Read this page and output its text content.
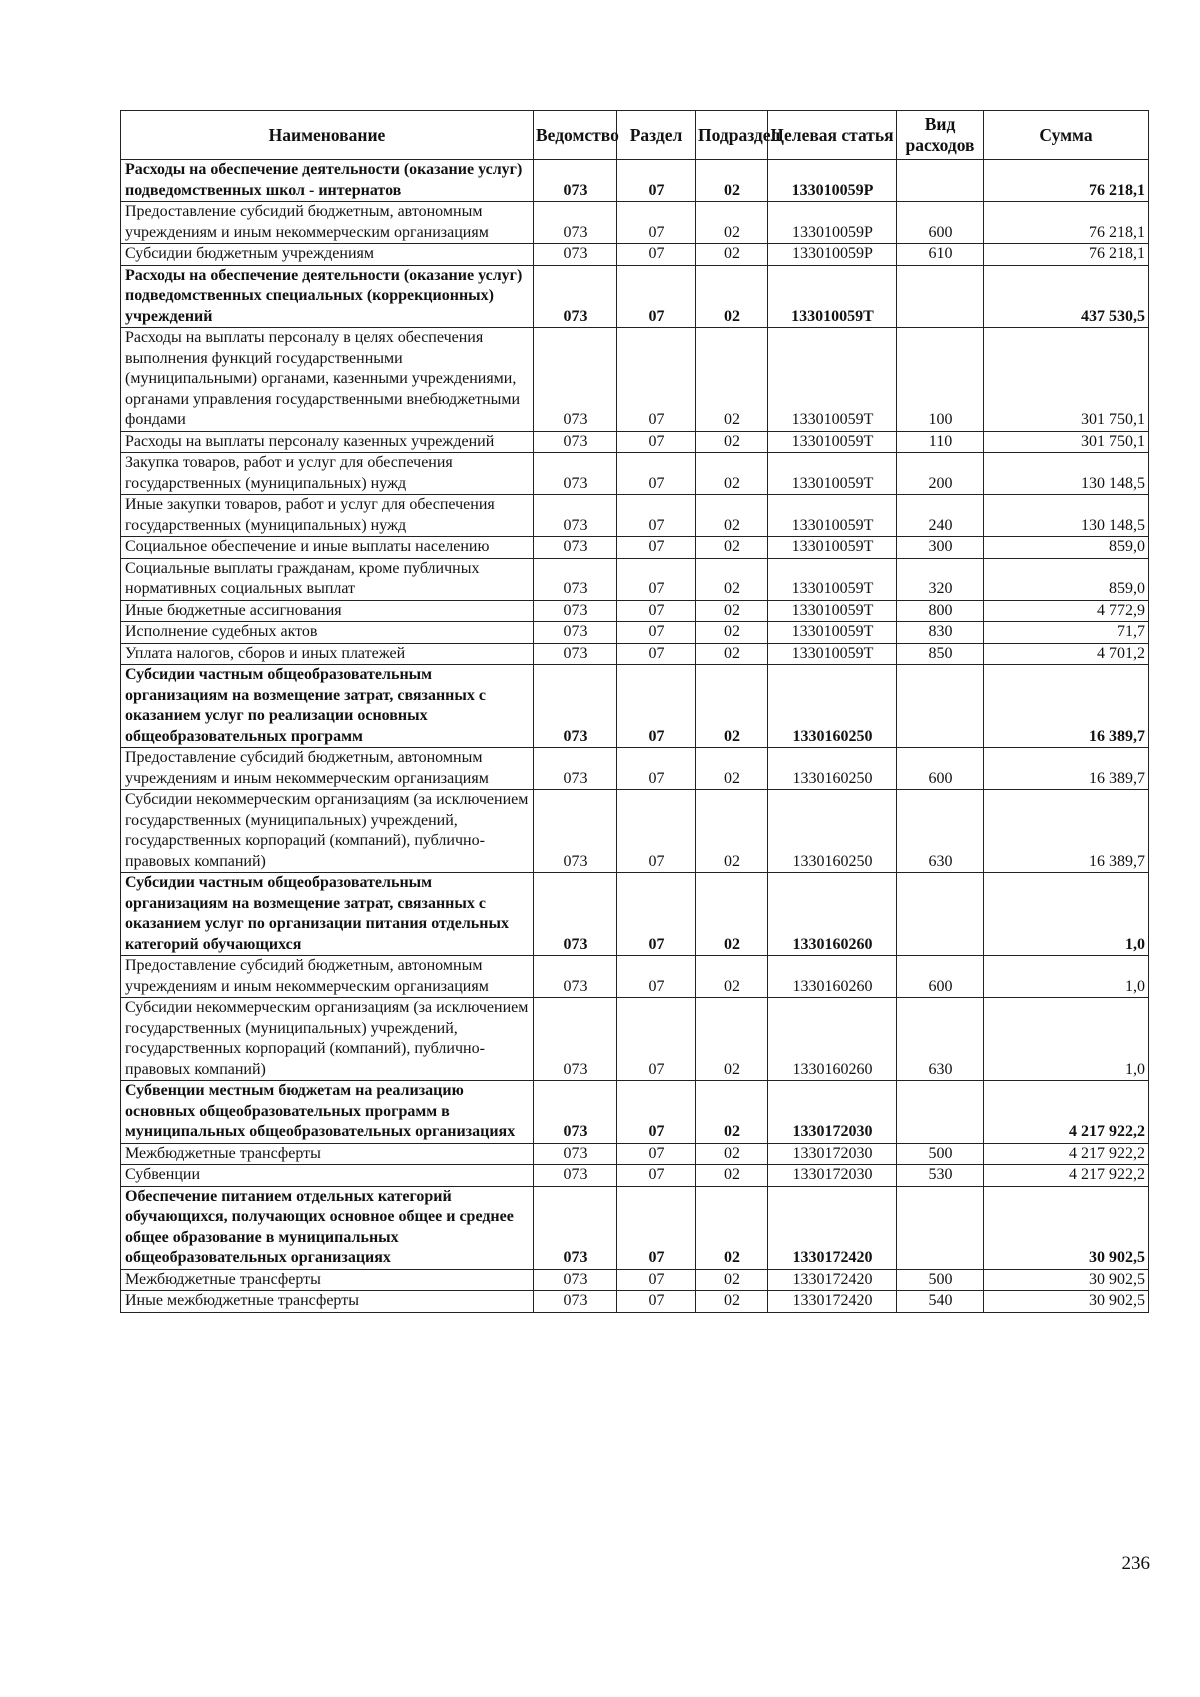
Наименование	Ведомство	Раздел	Подраздел	Целевая статья	Вид расходов	Сумма
Расходы на обеспечение деятельности (оказание услуг) подведомственных школ - интернатов	073	07	02	133010059Р		76 218,1
Предоставление субсидий бюджетным, автономным учреждениям и иным некоммерческим организациям	073	07	02	133010059Р	600	76 218,1
Субсидии бюджетным учреждениям	073	07	02	133010059Р	610	76 218,1
Расходы на обеспечение деятельности (оказание услуг) подведомственных специальных (коррекционных) учреждений	073	07	02	133010059Т		437 530,5
Расходы на выплаты персоналу в целях обеспечения выполнения функций государственными (муниципальными) органами, казенными учреждениями, органами управления государственными внебюджетными фондами	073	07	02	133010059Т	100	301 750,1
Расходы на выплаты персоналу казенных учреждений	073	07	02	133010059Т	110	301 750,1
Закупка товаров, работ и услуг для обеспечения государственных (муниципальных) нужд	073	07	02	133010059Т	200	130 148,5
Иные закупки товаров, работ и услуг для обеспечения государственных (муниципальных) нужд	073	07	02	133010059Т	240	130 148,5
Социальное обеспечение и иные выплаты населению	073	07	02	133010059Т	300	859,0
Социальные выплаты гражданам, кроме публичных нормативных социальных выплат	073	07	02	133010059Т	320	859,0
Иные бюджетные ассигнования	073	07	02	133010059Т	800	4 772,9
Исполнение судебных актов	073	07	02	133010059Т	830	71,7
Уплата налогов, сборов и иных платежей	073	07	02	133010059Т	850	4 701,2
Субсидии частным общеобразовательным организациям на возмещение затрат, связанных с оказанием услуг по реализации основных общеобразовательных программ	073	07	02	1330160250		16 389,7
Предоставление субсидий бюджетным, автономным учреждениям и иным некоммерческим организациям	073	07	02	1330160250	600	16 389,7
Субсидии некоммерческим организациям (за исключением государственных (муниципальных) учреждений, государственных корпораций (компаний), публично-правовых компаний)	073	07	02	1330160250	630	16 389,7
Субсидии частным общеобразовательным организациям на возмещение затрат, связанных с оказанием услуг по организации питания отдельных категорий обучающихся	073	07	02	1330160260		1,0
Предоставление субсидий бюджетным, автономным учреждениям и иным некоммерческим организациям	073	07	02	1330160260	600	1,0
Субсидии некоммерческим организациям (за исключением государственных (муниципальных) учреждений, государственных корпораций (компаний), публично-правовых компаний)	073	07	02	1330160260	630	1,0
Субвенции местным бюджетам на реализацию основных общеобразовательных программ в муниципальных общеобразовательных организациях	073	07	02	1330172030		4 217 922,2
Межбюджетные трансферты	073	07	02	1330172030	500	4 217 922,2
Субвенции	073	07	02	1330172030	530	4 217 922,2
Обеспечение питанием отдельных категорий обучающихся, получающих основное общее и среднее общее образование в муниципальных общеобразовательных организациях	073	07	02	1330172420		30 902,5
Межбюджетные трансферты	073	07	02	1330172420	500	30 902,5
Иные межбюджетные трансферты	073	07	02	1330172420	540	30 902,5
236
